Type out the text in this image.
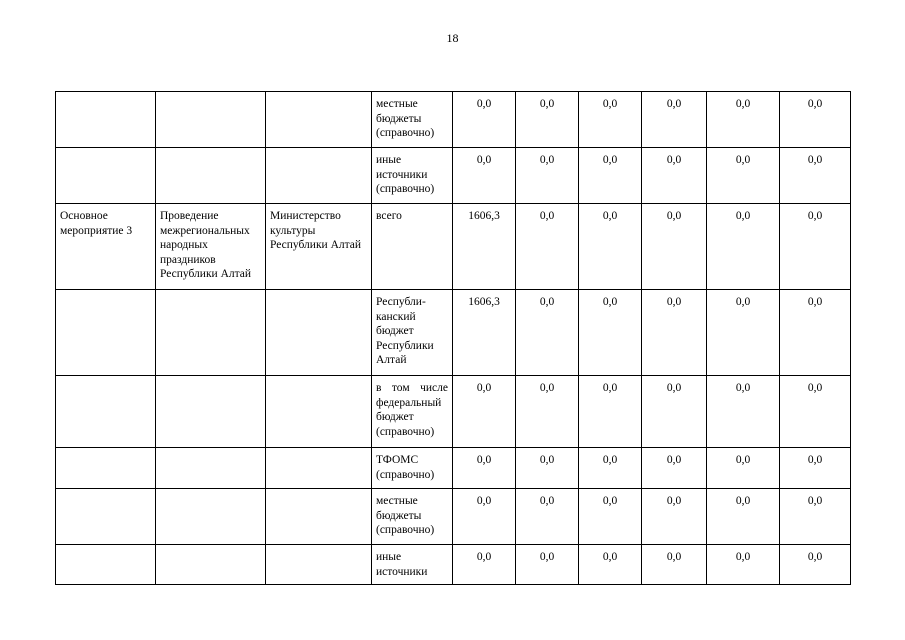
18
			местные бюджеты (справочно)	0,0	0,0	0,0	0,0	0,0	0,0
			иные источники (справочно)	0,0	0,0	0,0	0,0	0,0	0,0
Основное мероприятие 3	Проведение межрегиональных народных праздников Республики Алтай	Министерство культуры Республики Алтай	всего	1606,3	0,0	0,0	0,0	0,0	0,0
			Республи-канский бюджет Республики Алтай	1606,3	0,0	0,0	0,0	0,0	0,0
			в том числе федеральный бюджет (справочно)	0,0	0,0	0,0	0,0	0,0	0,0
			ТФОМС (справочно)	0,0	0,0	0,0	0,0	0,0	0,0
			местные бюджеты (справочно)	0,0	0,0	0,0	0,0	0,0	0,0
			иные источники	0,0	0,0	0,0	0,0	0,0	0,0
